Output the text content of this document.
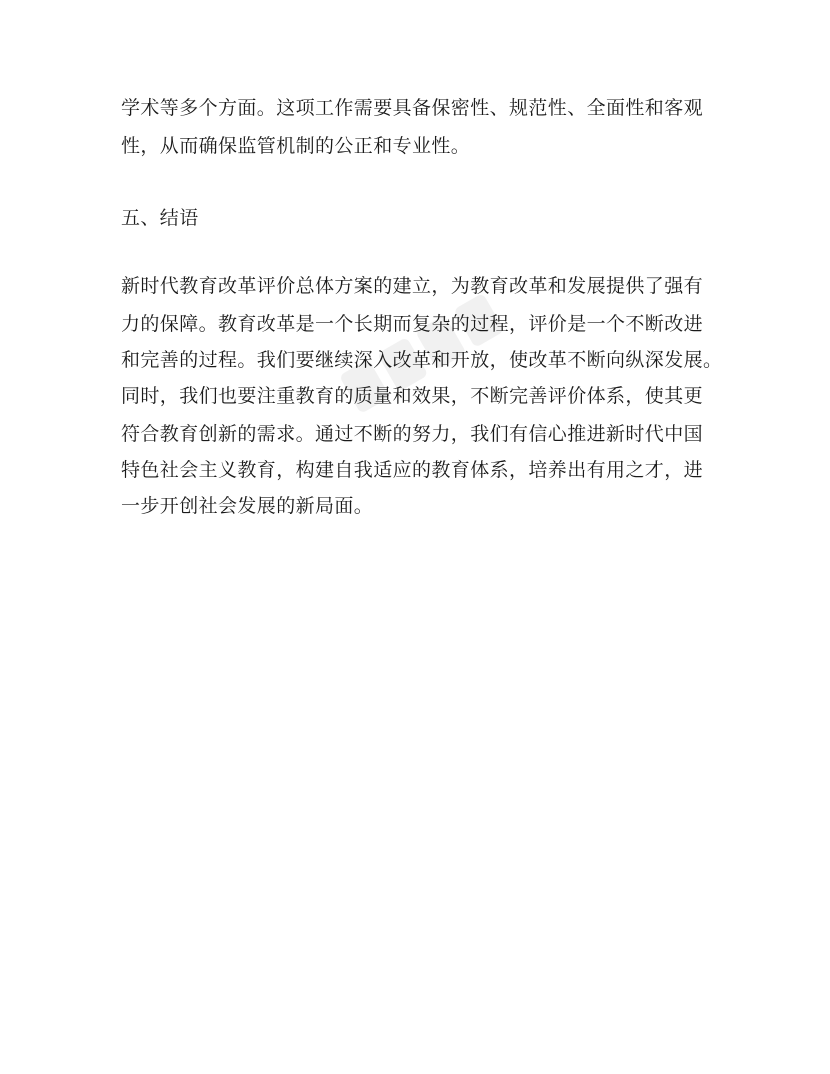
学术等多个方面。这项工作需要具备保密性、规范性、全面性和客观
性，从而确保监管机制的公正和专业性。
五、结语
新时代教育改革评价总体方案的建立，为教育改革和发展提供了强有
力的保障。教育改革是一个长期而复杂的过程，评价是一个不断改进
和完善的过程。我们要继续深入改革和开放，使改革不断向纵深发展。
同时，我们也要注重教育的质量和效果，不断完善评价体系，使其更
符合教育创新的需求。通过不断的努力，我们有信心推进新时代中国
特色社会主义教育，构建自我适应的教育体系，培养出有用之才，进
一步开创社会发展的新局面。
